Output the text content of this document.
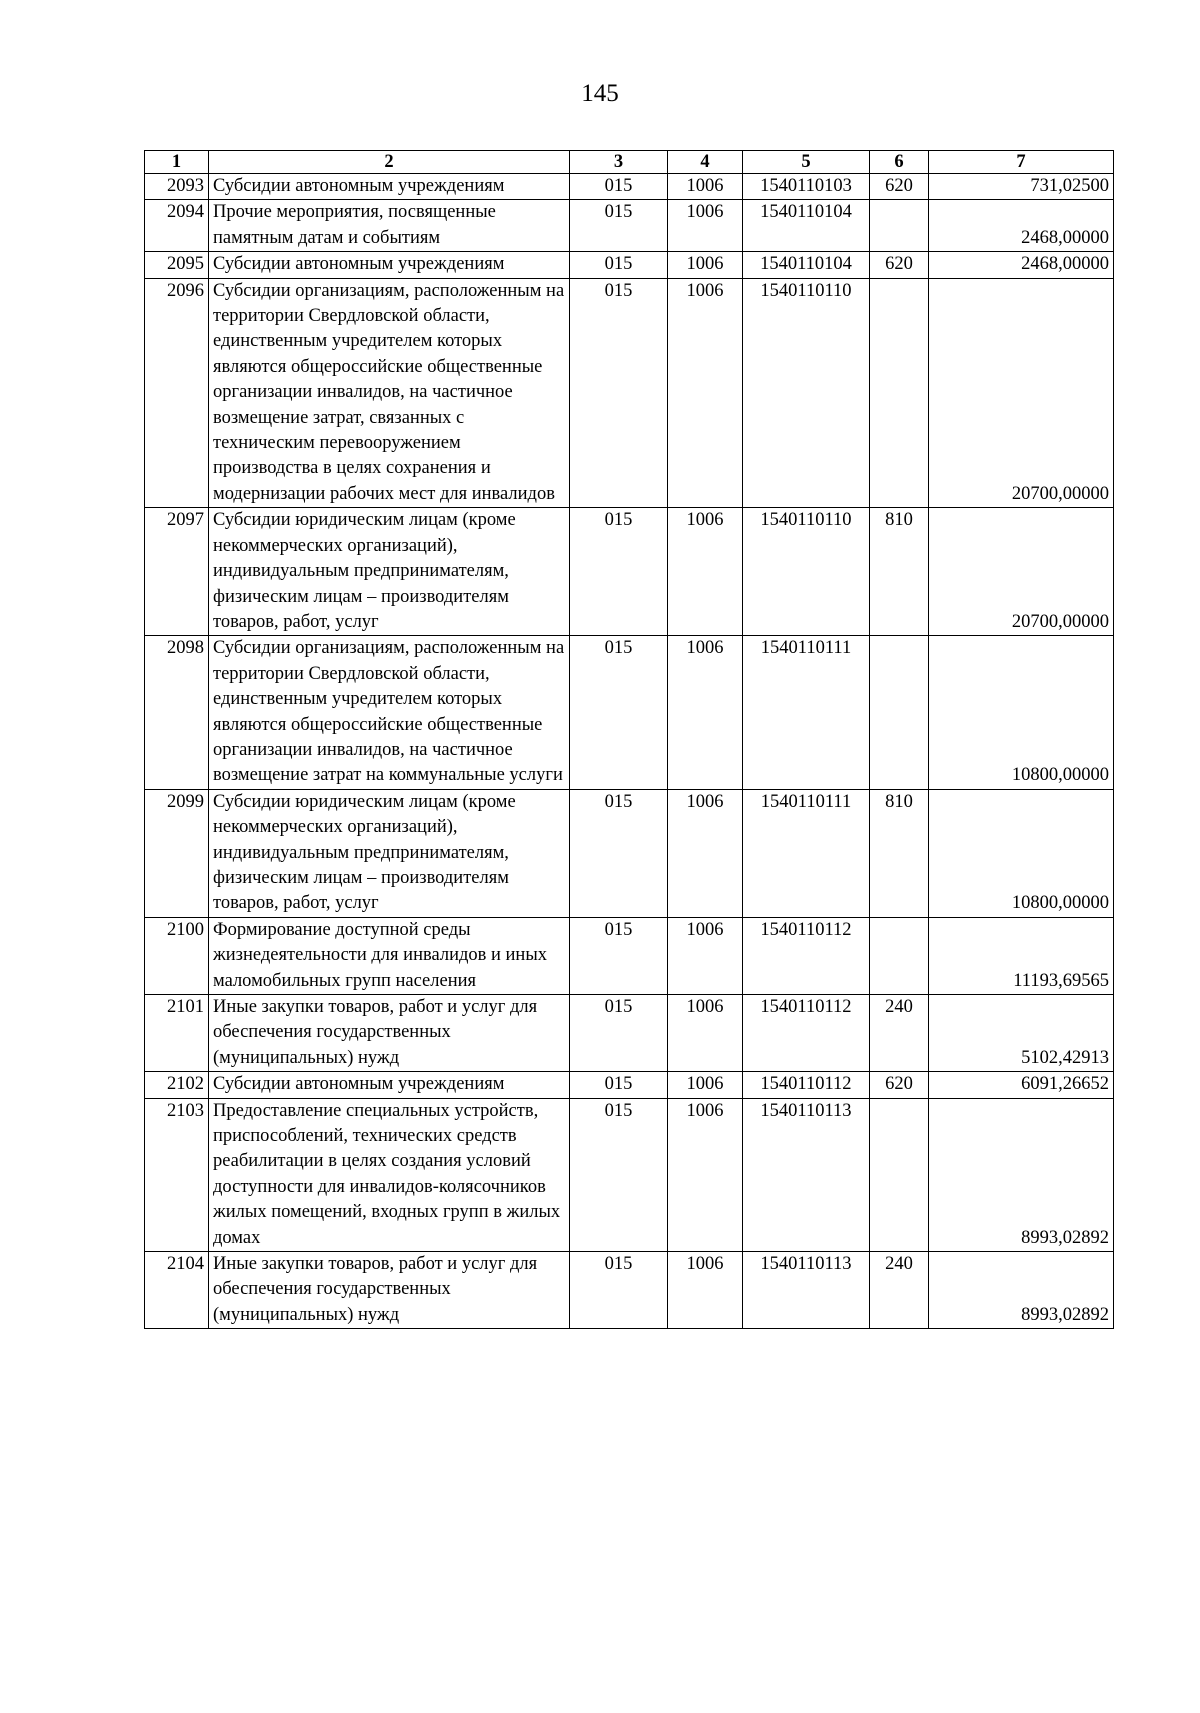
145
1	2	3	4	5	6	7
2093	Субсидии автономным учреждениям	015	1006	1540110103	620	731,02500
2094	Прочие мероприятия, посвященные памятным датам и событиям	015	1006	1540110104		2468,00000
2095	Субсидии автономным учреждениям	015	1006	1540110104	620	2468,00000
2096	Субсидии организациям, расположенным на территории Свердловской области, единственным учредителем которых являются общероссийские общественные организации инвалидов, на частичное возмещение затрат, связанных с техническим перевооружением производства в целях сохранения и модернизации рабочих мест для инвалидов	015	1006	1540110110		20700,00000
2097	Субсидии юридическим лицам (кроме некоммерческих организаций), индивидуальным предпринимателям, физическим лицам – производителям товаров, работ, услуг	015	1006	1540110110	810	20700,00000
2098	Субсидии организациям, расположенным на территории Свердловской области, единственным учредителем которых являются общероссийские общественные организации инвалидов, на частичное возмещение затрат на коммунальные услуги	015	1006	1540110111		10800,00000
2099	Субсидии юридическим лицам (кроме некоммерческих организаций), индивидуальным предпринимателям, физическим лицам – производителям товаров, работ, услуг	015	1006	1540110111	810	10800,00000
2100	Формирование доступной среды жизнедеятельности для инвалидов и иных маломобильных групп населения	015	1006	1540110112		11193,69565
2101	Иные закупки товаров, работ и услуг для обеспечения государственных (муниципальных) нужд	015	1006	1540110112	240	5102,42913
2102	Субсидии автономным учреждениям	015	1006	1540110112	620	6091,26652
2103	Предоставление специальных устройств, приспособлений, технических средств реабилитации в целях создания условий доступности для инвалидов-колясочников жилых помещений, входных групп в жилых домах	015	1006	1540110113		8993,02892
2104	Иные закупки товаров, работ и услуг для обеспечения государственных (муниципальных) нужд	015	1006	1540110113	240	8993,02892
